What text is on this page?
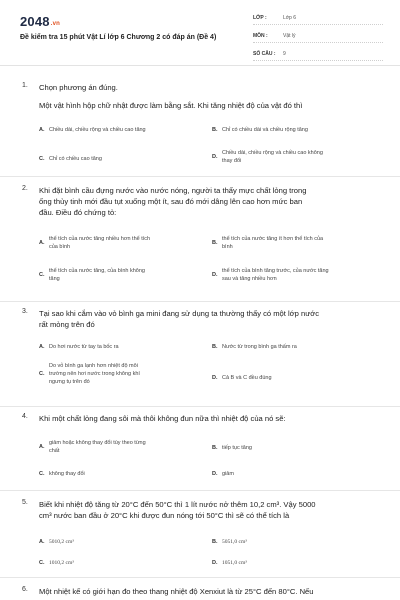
2048.vn
Đề kiểm tra 15 phút Vật Lí lớp 6 Chương 2 có đáp án (Đề 4)
LỚP :	Lớp 6
MÔN :	Vật lý
SỐ CÂU :	9
1. Chọn phương án đúng.
Một vật hình hộp chữ nhật được làm bằng sắt. Khi tăng nhiệt độ của vật đó thì
A. Chiều dài, chiều rộng và chiều cao tăng	B. Chỉ có chiều dài và chiều rộng tăng
C. Chỉ có chiều cao tăng	D.
Chiều dài, chiều rộng và chiều cao không
thay đổi
2. Khi đặt bình cầu đựng nước vào nước nóng, người ta thấy mực chất lỏng trong
ống thủy tinh mới đầu tụt xuống một ít, sau đó mới dâng lên cao hơn mức ban
đầu. Điều đó chứng tỏ:
A.
thể tích của nước tăng nhiều hơn thể tích
của bình
B.
thể tích của nước tăng ít hơn thể tích của
bình
C.
thể tích của nước tăng, của bình không
tăng
D.
thể tích của bình tăng trước, của nước tăng
sau và tăng nhiều hơn
3. Tại sao khi cắm vào vỏ bình ga mini đang sử dụng ta thường thấy có một lớp nước
rất mỏng trên đó
A. Do hơi nước từ tay ta bốc ra	B. Nước từ trong bình ga thấm ra
C.
Do vỏ bình ga lạnh hơn nhiệt độ môi
trường nên hơi nước trong không khí
ngưng tụ trên đó
D. Cả B và C đều đúng
4. Khi một chất lỏng đang sôi mà thôi không đun nữa thì nhiệt độ của nó sẽ:
A.
giảm hoặc không thay đổi tùy theo từng
chất	B. tiếp tục tăng
C. không thay đổi	D. giảm
5. Biết khi nhiệt độ tăng từ 20°C đến 50°C thì 1 lít nước nở thêm 10,2 cm³. Vậy 5000
cm³ nước ban đầu ở 20°C khi được đun nóng tới 50°C thì sẽ có thể tích là
A. 5010,2 cm³	B. 5051,0 cm³
C. 1010,2 cm³	D. 1051,0 cm³
6. Một nhiệt kế có giới hạn đo theo thang nhiệt độ Xenxiut là từ 25°C đến 80°C. Nếu
